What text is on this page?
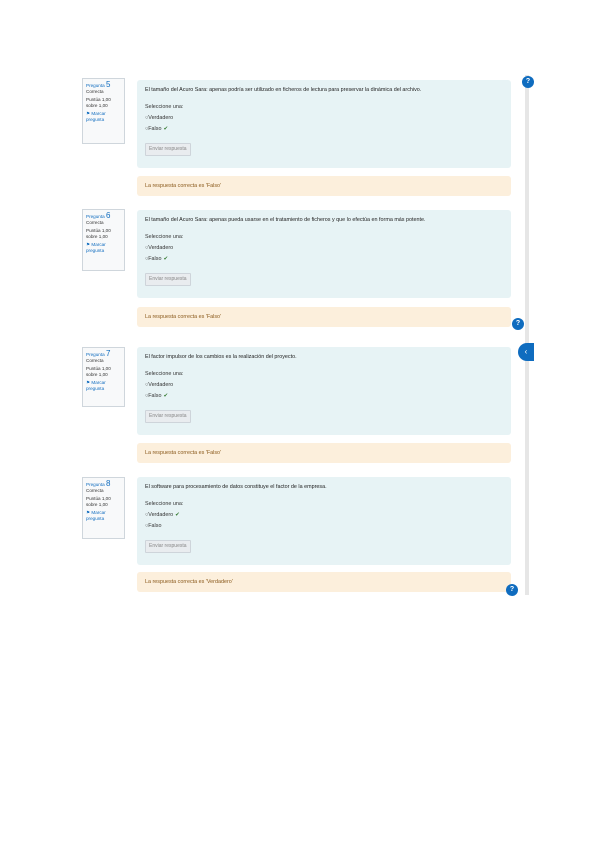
Pregunta 5
Correcta
Puntúa 1,00 sobre 1,00
⚑ Marcar pregunta
El tamaño del Acuro Sara: apenas podría ser utilizado en ficheros de lectura para preservar la dinámica del archivo.
Seleccione una:
○Verdadero
○Falso ✔
Enviar respuesta
La respuesta correcta es 'Falso'
?
Pregunta 6
Correcta
Puntúa 1,00 sobre 1,00
⚑ Marcar pregunta
El tamaño del Acuro Sara: apenas pueda usarse en el tratamiento de ficheros y que lo efectúa en forma más potente.
Seleccione una:
○Verdadero
○Falso ✔
Enviar respuesta
La respuesta correcta es 'Falso'
?
‹
Pregunta 7
Correcta
Puntúa 1,00 sobre 1,00
⚑ Marcar pregunta
El factor impulsor de los cambios es la realización del proyecto.
Seleccione una:
○Verdadero
○Falso ✔
Enviar respuesta
La respuesta correcta es 'Falso'
Pregunta 8
Correcta
Puntúa 1,00 sobre 1,00
⚑ Marcar pregunta
El software para procesamiento de datos constituye el factor de la empresa.
Seleccione una:
○Verdadero ✔
○Falso
Enviar respuesta
La respuesta correcta es 'Verdadero'
?
